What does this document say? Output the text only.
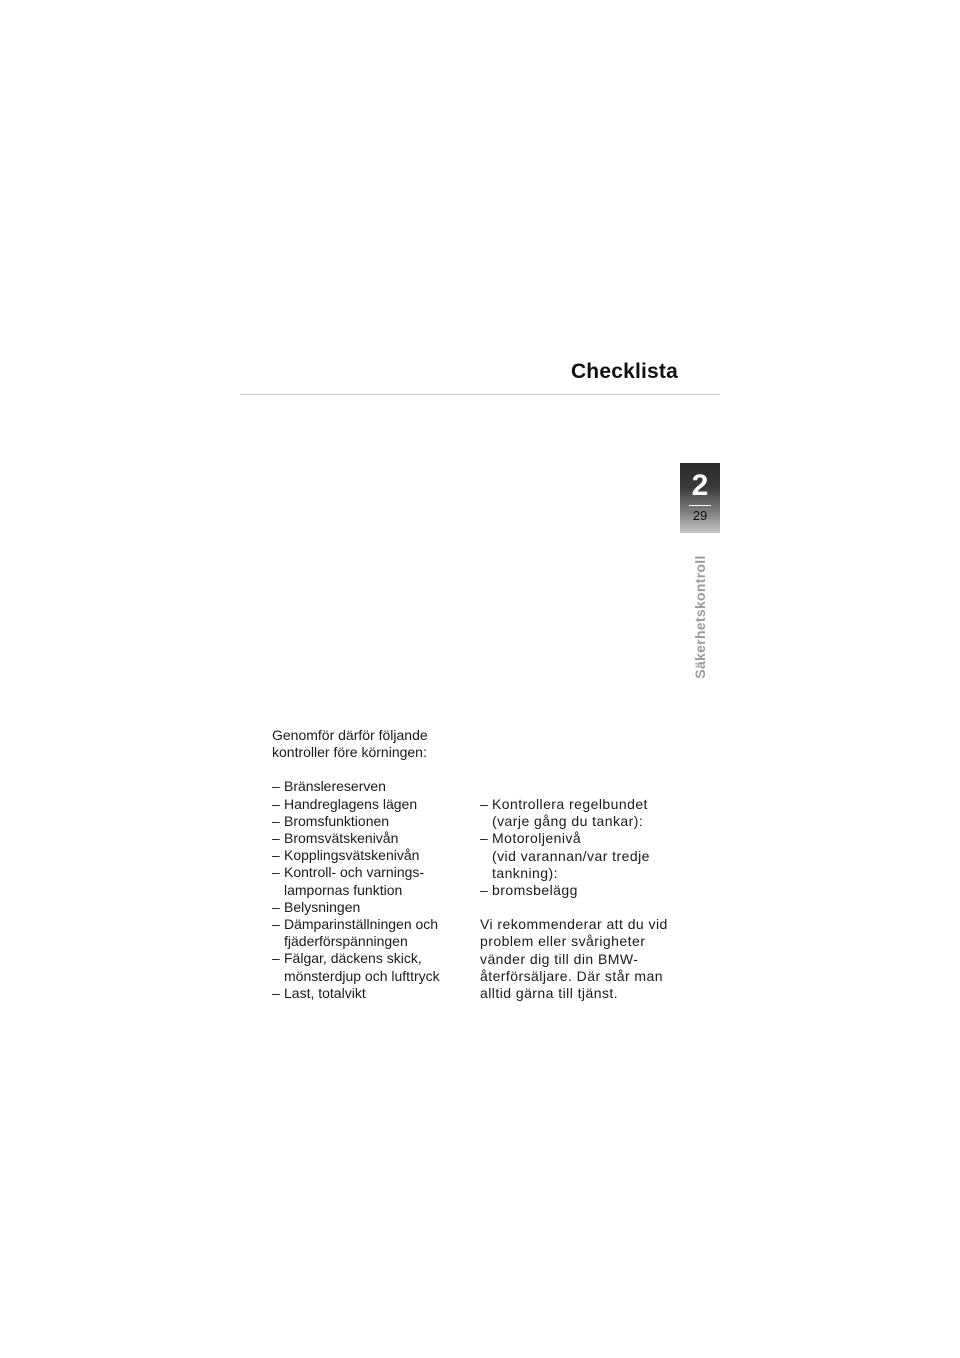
Checklista
2
29
Säkerhetskontroll

Genomför därför följande

kontroller före körningen:

– Bränslereserven
– Handreglagens lägen
– Bromsfunktionen
– Bromsvätskenivån
– Kopplingsvätskenivån
– Kontroll- och varnings-
lampornas funktion
– Belysningen
– Dämparinställningen och
fjäderförspänningen
– Fälgar, däckens skick,
mönsterdjup och lufttryck
– Last, totalvikt
– Kontrollera regelbundet
(varje gång du tankar):
– Motoroljenivå
(vid varannan/var tredje
tankning):
– bromsbelägg

Vi rekommenderar att du vid

problem eller svårigheter

vänder dig till din BMW-

återförsäljare. Där står man

alltid gärna till tjänst.
